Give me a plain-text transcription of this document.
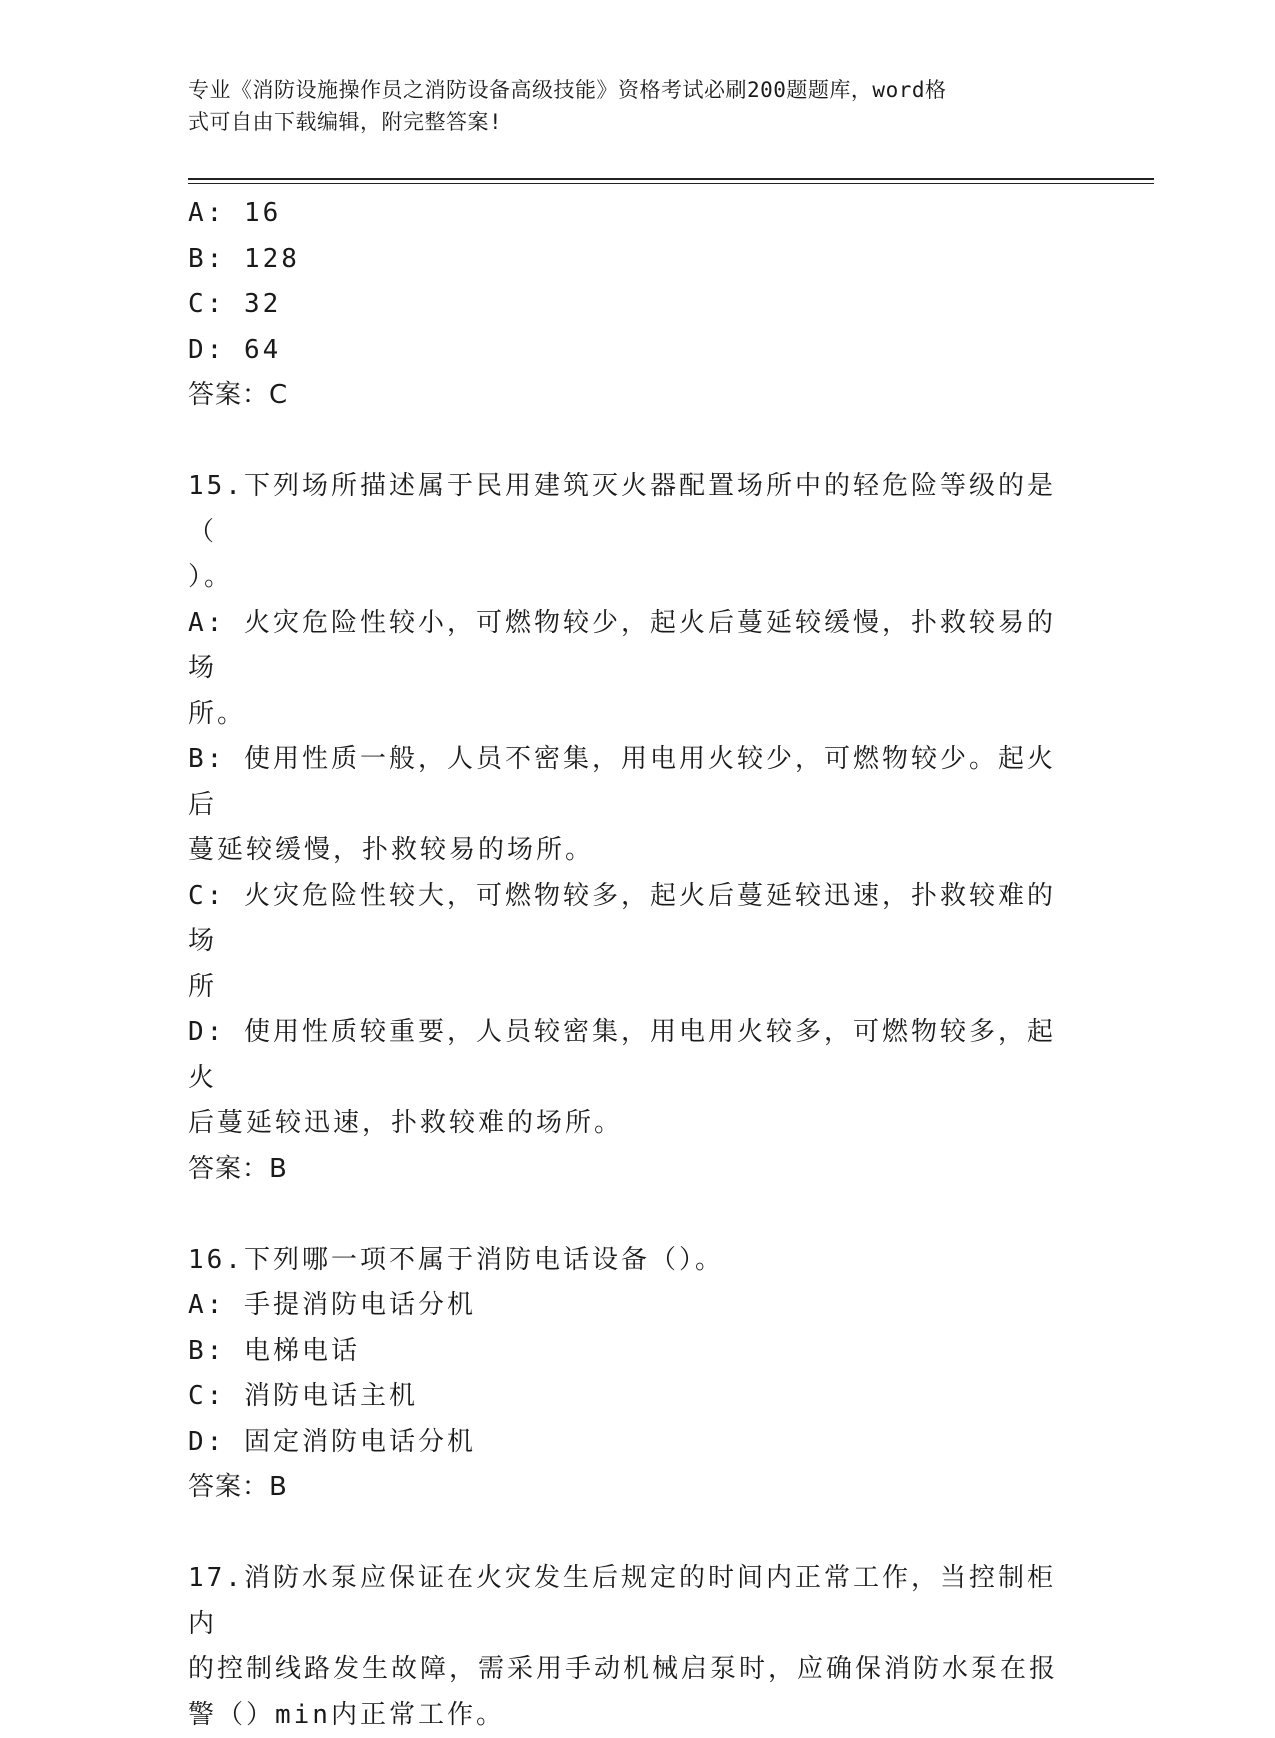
专业《消防设施操作员之消防设备高级技能》资格考试必刷200题题库，word格
式可自由下载编辑，附完整答案!
A: 16
B: 128
C: 32
D: 64
答案：C
15.下列场所描述属于民用建筑灭火器配置场所中的轻危险等级的是（
）。
A: 火灾危险性较小，可燃物较少，起火后蔓延较缓慢，扑救较易的场
所。
B: 使用性质一般，人员不密集，用电用火较少，可燃物较少。起火后
蔓延较缓慢，扑救较易的场所。
C: 火灾危险性较大，可燃物较多，起火后蔓延较迅速，扑救较难的场
所
D: 使用性质较重要，人员较密集，用电用火较多，可燃物较多，起火
后蔓延较迅速，扑救较难的场所。
答案：B
16.下列哪一项不属于消防电话设备（）。
A: 手提消防电话分机
B: 电梯电话
C: 消防电话主机
D: 固定消防电话分机
答案：B
17.消防水泵应保证在火灾发生后规定的时间内正常工作，当控制柜内
的控制线路发生故障，需采用手动机械启泵时，应确保消防水泵在报
警（）min内正常工作。
